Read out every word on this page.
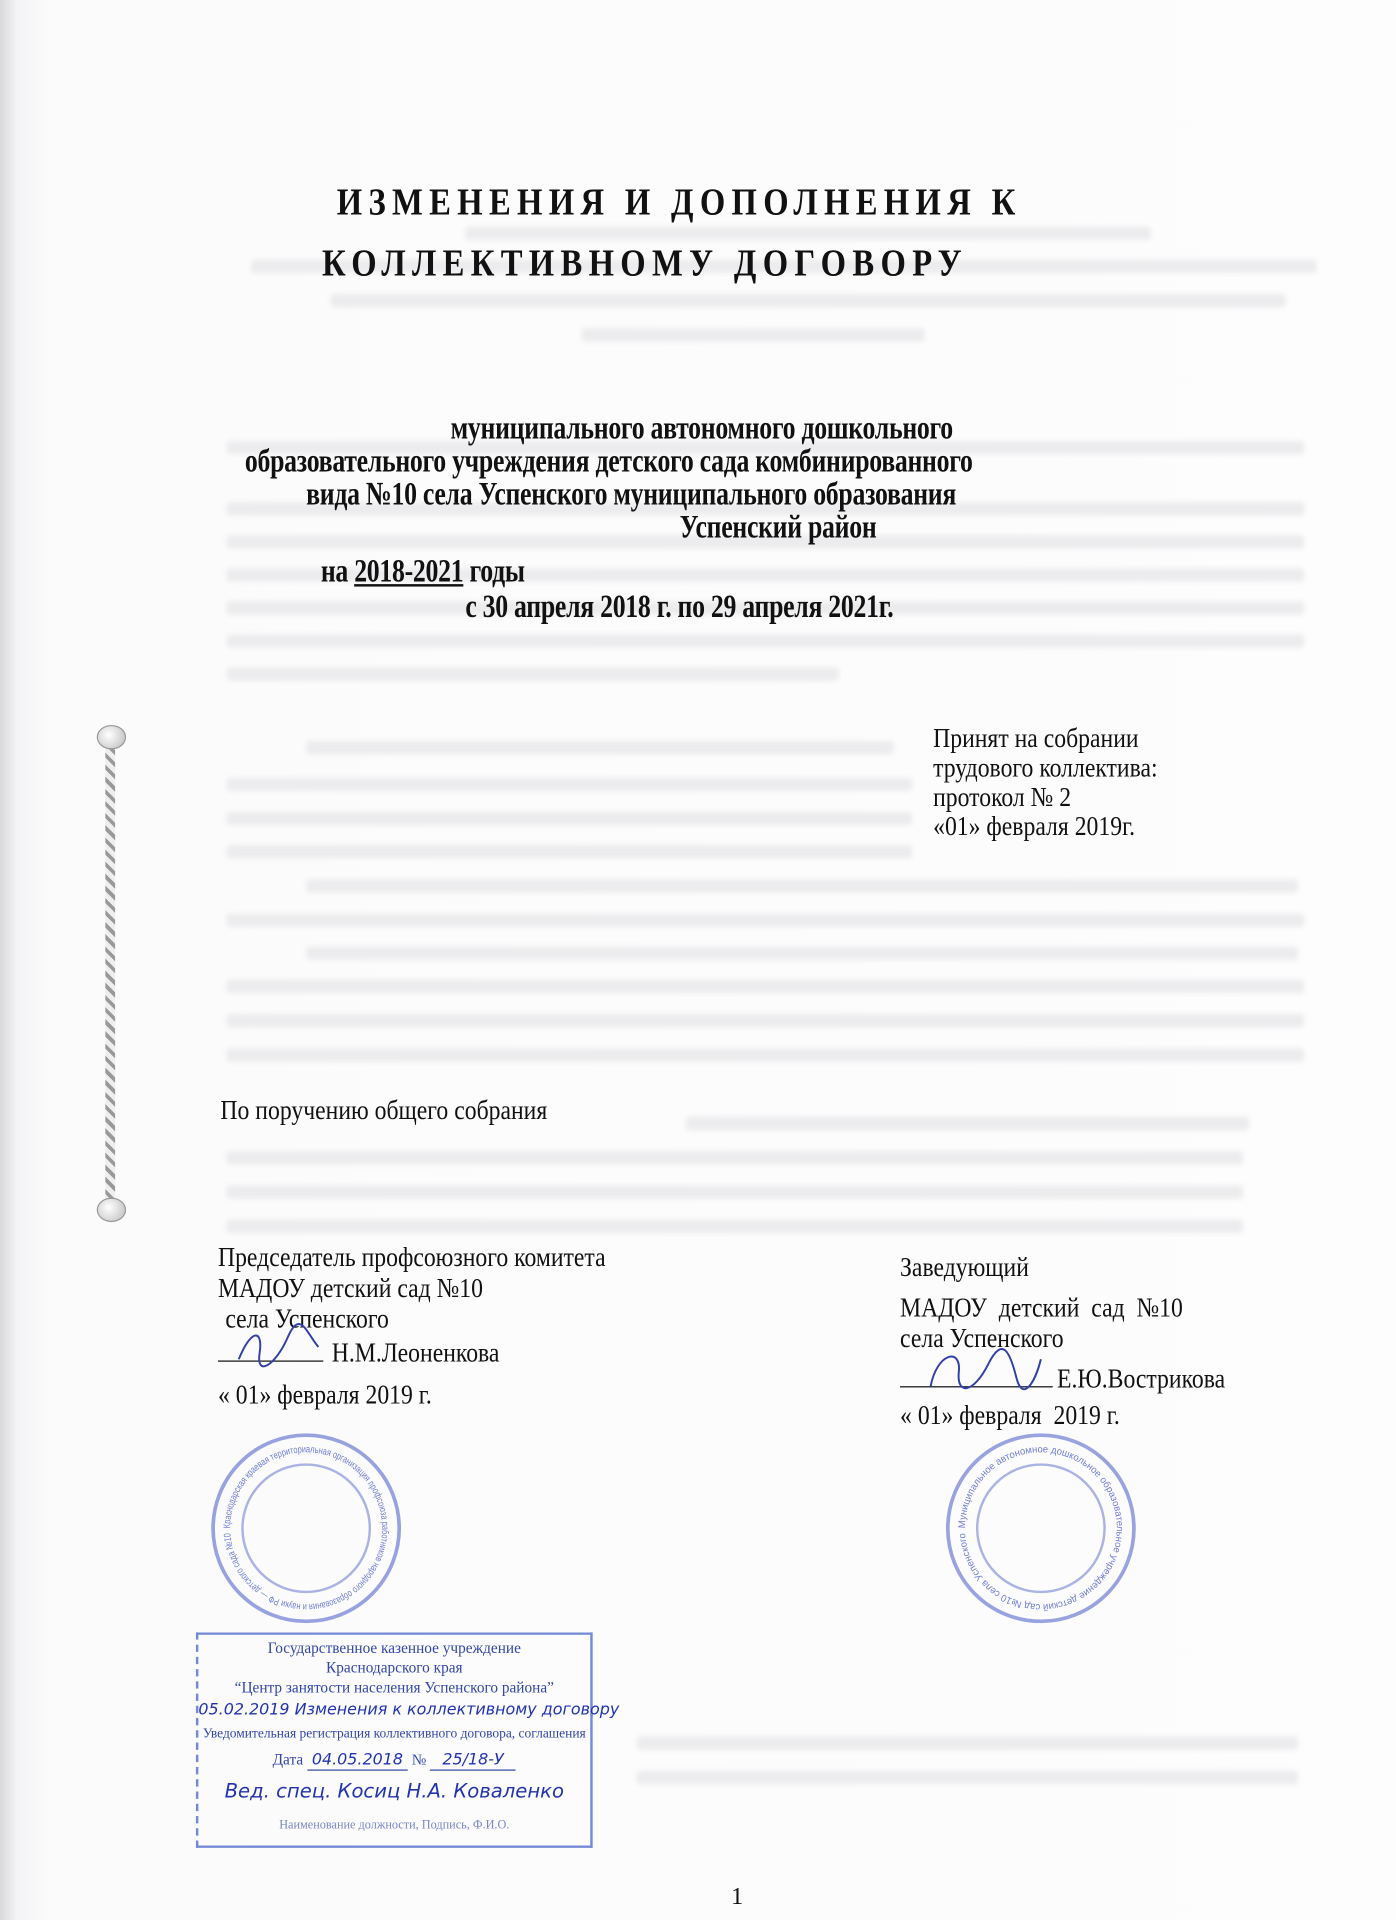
ИЗМЕНЕНИЯ И ДОПОЛНЕНИЯ К
КОЛЛЕКТИВНОМУ ДОГОВОРУ
муниципального автономного дошкольного
образовательного учреждения детского сада комбинированного
вида №10 села Успенского муниципального образования
Успенский район
на 2018-2021 годы
с 30 апреля 2018 г. по 29 апреля 2021г.
Принят на собрании
трудового коллектива:
протокол № 2
«01» февраля 2019г.
По поручению общего собрания
Председатель профсоюзного комитета
МАДОУ детский сад №10
села Успенского
Н.М.Леоненкова
« 01» февраля 2019 г.
Заведующий
МАДОУ  детский  сад  №10
села Успенского
Е.Ю.Вострикова
« 01» февраля  2019 г.
Краснодарская краевая территориальная организация профсоюза работников народного образования и науки РФ — детского сада №10
Муниципальное автономное дошкольное образовательное учреждение детский сад №10 села Успенского
Государственное казенное учреждение
Краснодарского края
“Центр занятости населения Успенского района”
05.02.2019 Изменения к коллективному договору
Уведомительная регистрация коллективного договора, соглашения
Дата 04.05.2018 № 25/18-У
Вед. спец. Косиц Н.А. Коваленко
Наименование должности, Подпись, Ф.И.О.
1
